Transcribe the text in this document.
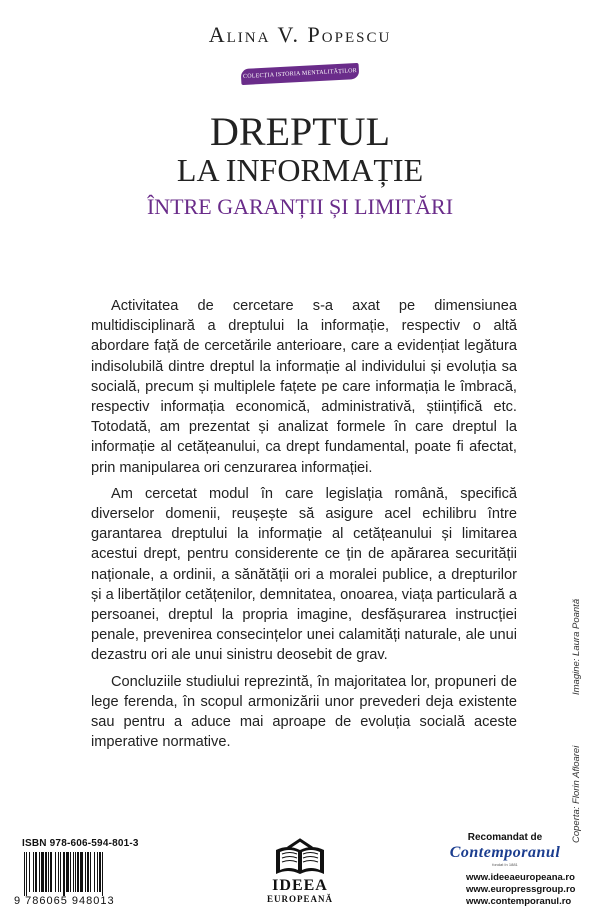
Alina V. Popescu
COLECȚIA ISTORIA MENTALITĂȚILOR
DREPTUL
LA INFORMAȚIE
ÎNTRE GARANȚII ȘI LIMITĂRI

Activitatea de cercetare s-a axat pe dimensiunea multidisciplinară a dreptului la informație, respectiv o altă abordare față de cercetările anterioare, care a evidențiat legătura indisolubilă dintre dreptul la informație al individului și evoluția sa socială, precum și multiplele fațete pe care informația le îmbracă, respectiv informația economică, administrativă, științifică etc. Totodată, am prezentat și analizat formele în care dreptul la informație al cetățeanului, ca drept fundamental, poate fi afectat, prin manipularea ori cenzurarea informației.

Am cercetat modul în care legislația română, specifică diverselor domenii, reușește să asigure acel echilibru între garantarea dreptului la informație al cetățeanului și limitarea acestui drept, pentru considerente ce țin de apărarea securității naționale, a ordinii, a sănătății ori a moralei publice, a drepturilor și a libertăților cetățenilor, demnitatea, onoarea, viața particulară a persoanei, dreptul la propria imagine, desfășurarea instrucției penale, prevenirea consecințelor unei calamități naturale, ale unui dezastru ori ale unui sinistru deosebit de grav.

Concluziile studiului reprezintă, în majoritatea lor, propuneri de lege ferenda, în scopul armonizării unor prevederi deja existente sau pentru a aduce mai aproape de evoluția socială aceste imperative normative.

Coperta: Florin Afloarei Imagine: Laura Poantă
ISBN 978-606-594-801-3
9 786065 948013
IDEEA
EUROPEANĂ
Recomandat de
Contemporanul
fondat în 1881
www.ideeaeuropeana.ro
www.europressgroup.ro
www.contemporanul.ro
